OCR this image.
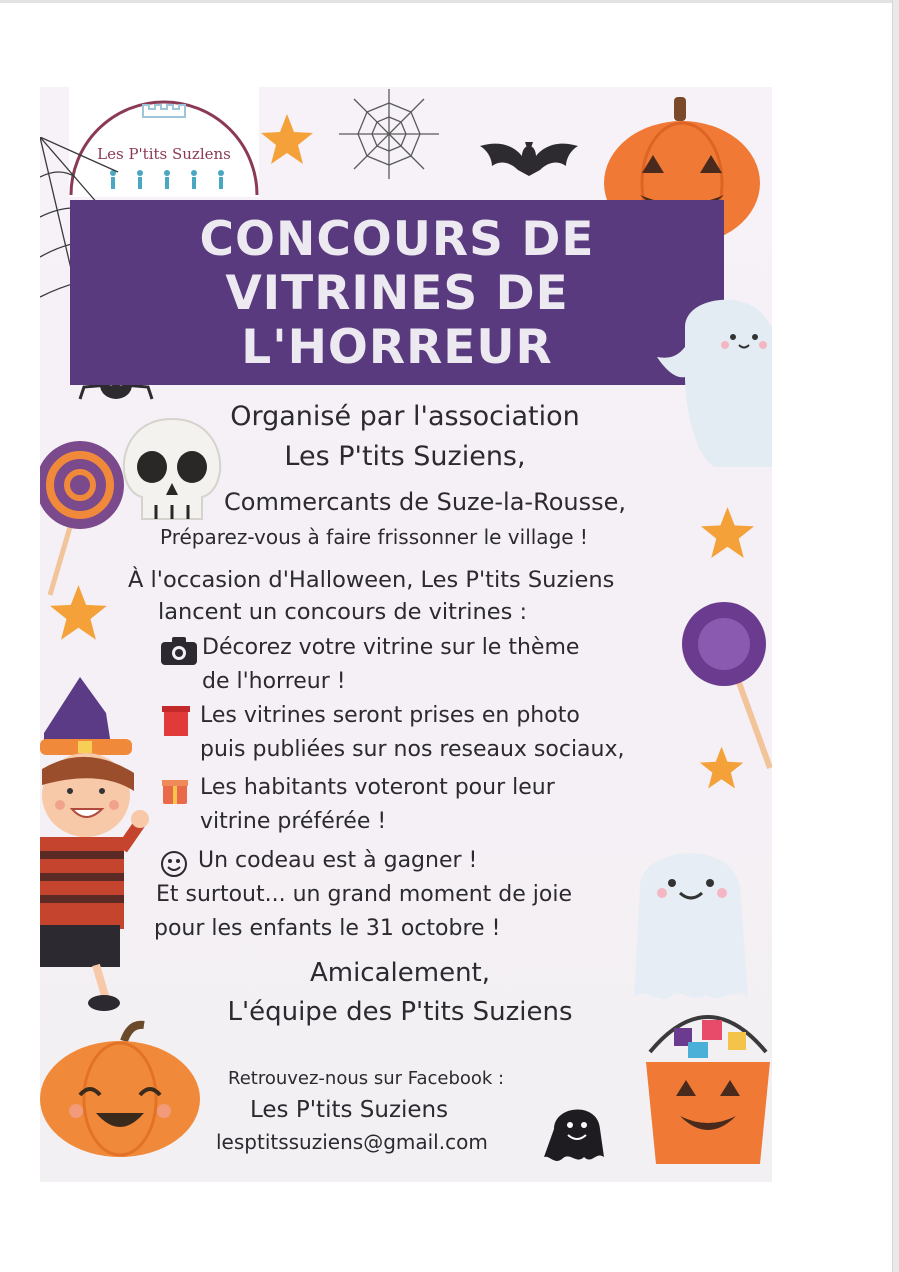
Les P'tits Suzlens
CONCOURS DE
VITRINES DE
L'HORREUR
Organisé par l'association
Les P'tits Suziens,
Commercants de Suze-la-Rousse,
Préparez-vous à faire frissonner le village !
À l'occasion d'Halloween, Les P'tits Suziens
lancent un concours de vitrines :
Décorez votre vitrine sur le thème
de l'horreur !
Les vitrines seront prises en photo
puis publiées sur nos reseaux sociaux,
Les habitants voteront pour leur
vitrine préférée !
Un codeau est à gagner !
Et surtout... un grand moment de joie
pour les enfants le 31 octobre !
Amicalement,
L'équipe des P'tits Suziens
Retrouvez-nous sur Facebook :
Les P'tits Suziens
lesptitssuziens@gmail.com
